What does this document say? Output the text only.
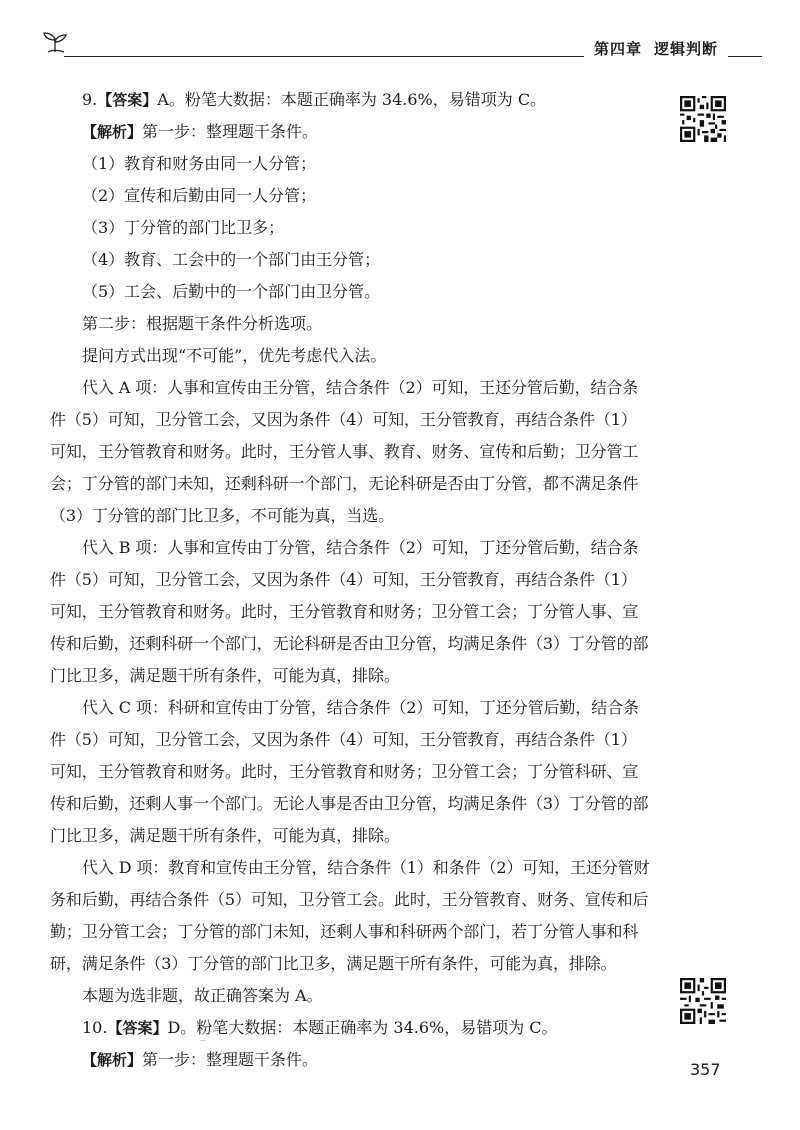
第四章 逻辑判断

9.【答案】A。粉笔大数据：本题正确率为 34.6%，易错项为 C。

【解析】第一步：整理题干条件。

（1）教育和财务由同一人分管；

（2）宣传和后勤由同一人分管；

（3）丁分管的部门比卫多；

（4）教育、工会中的一个部门由王分管；

（5）工会、后勤中的一个部门由卫分管。

第二步：根据题干条件分析选项。

提问方式出现“不可能”，优先考虑代入法。

代入 A 项：人事和宣传由王分管，结合条件（2）可知，王还分管后勤，结合条件（5）可知，卫分管工会，又因为条件（4）可知，王分管教育，再结合条件（1）可知，王分管教育和财务。此时，王分管人事、教育、财务、宣传和后勤；卫分管工会；丁分管的部门未知，还剩科研一个部门，无论科研是否由丁分管，都不满足条件（3）丁分管的部门比卫多，不可能为真，当选。

代入 B 项：人事和宣传由丁分管，结合条件（2）可知，丁还分管后勤，结合条件（5）可知，卫分管工会，又因为条件（4）可知，王分管教育，再结合条件（1）可知，王分管教育和财务。此时，王分管教育和财务；卫分管工会；丁分管人事、宣传和后勤，还剩科研一个部门，无论科研是否由卫分管，均满足条件（3）丁分管的部门比卫多，满足题干所有条件，可能为真，排除。

代入 C 项：科研和宣传由丁分管，结合条件（2）可知，丁还分管后勤，结合条件（5）可知，卫分管工会，又因为条件（4）可知，王分管教育，再结合条件（1）可知，王分管教育和财务。此时，王分管教育和财务；卫分管工会；丁分管科研、宣传和后勤，还剩人事一个部门。无论人事是否由卫分管，均满足条件（3）丁分管的部门比卫多，满足题干所有条件，可能为真，排除。

代入 D 项：教育和宣传由王分管，结合条件（1）和条件（2）可知，王还分管财务和后勤，再结合条件（5）可知，卫分管工会。此时，王分管教育、财务、宣传和后勤；卫分管工会；丁分管的部门未知，还剩人事和科研两个部门，若丁分管人事和科研，满足条件（3）丁分管的部门比卫多，满足题干所有条件，可能为真，排除。

本题为选非题，故正确答案为 A。

10.【答案】D。粉笔大数据：本题正确率为 34.6%，易错项为 C。

【解析】第一步：整理题干条件。

357
